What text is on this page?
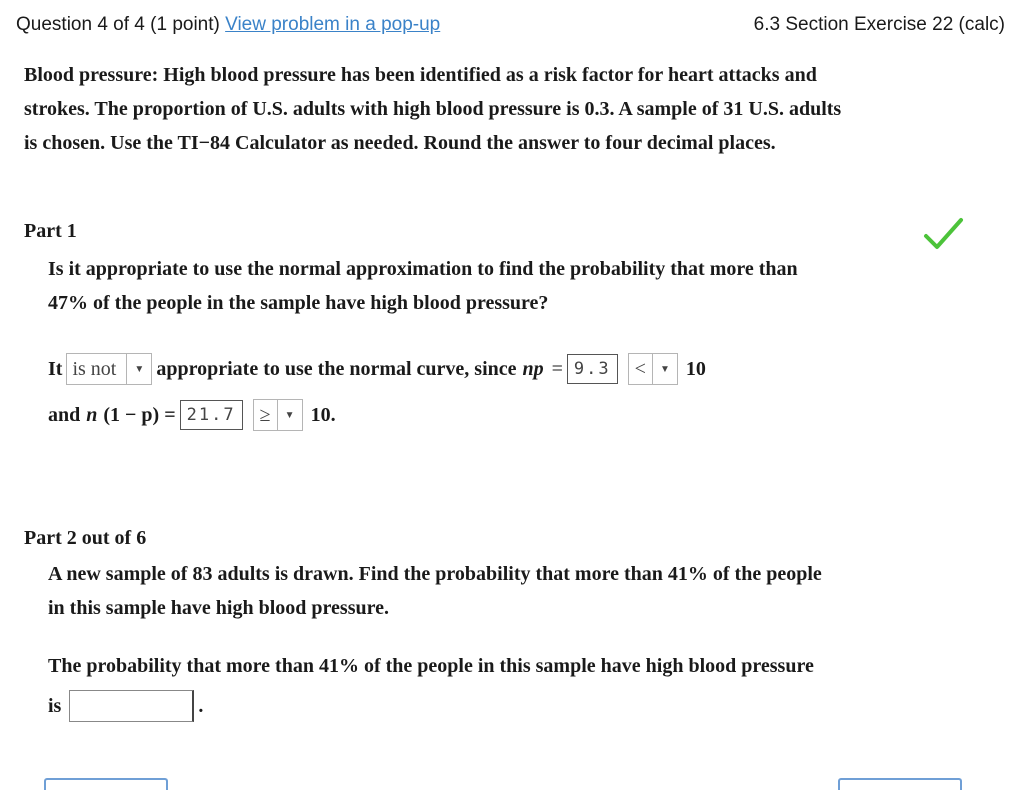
Question 4 of 4 (1 point) View problem in a pop-up	6.3 Section Exercise 22 (calc)
Blood pressure: High blood pressure has been identified as a risk factor for heart attacks and
strokes. The proportion of U.S. adults with high blood pressure is 0.3. A sample of 31 U.S. adults
is chosen. Use the TI−84 Calculator as needed. Round the answer to four decimal places.
Part 1
Is it appropriate to use the normal approximation to find the probability that more than
47% of the people in the sample have high blood pressure?
It is not	▼ appropriate to use the normal curve, since np = 9.3	<	▼ 10
and n (1 − p) = 21.7	≥	▼ 10.
Part 2 out of 6
A new sample of 83 adults is drawn. Find the probability that more than 41% of the people
in this sample have high blood pressure.
The probability that more than 41% of the people in this sample have high blood pressure
is	.
